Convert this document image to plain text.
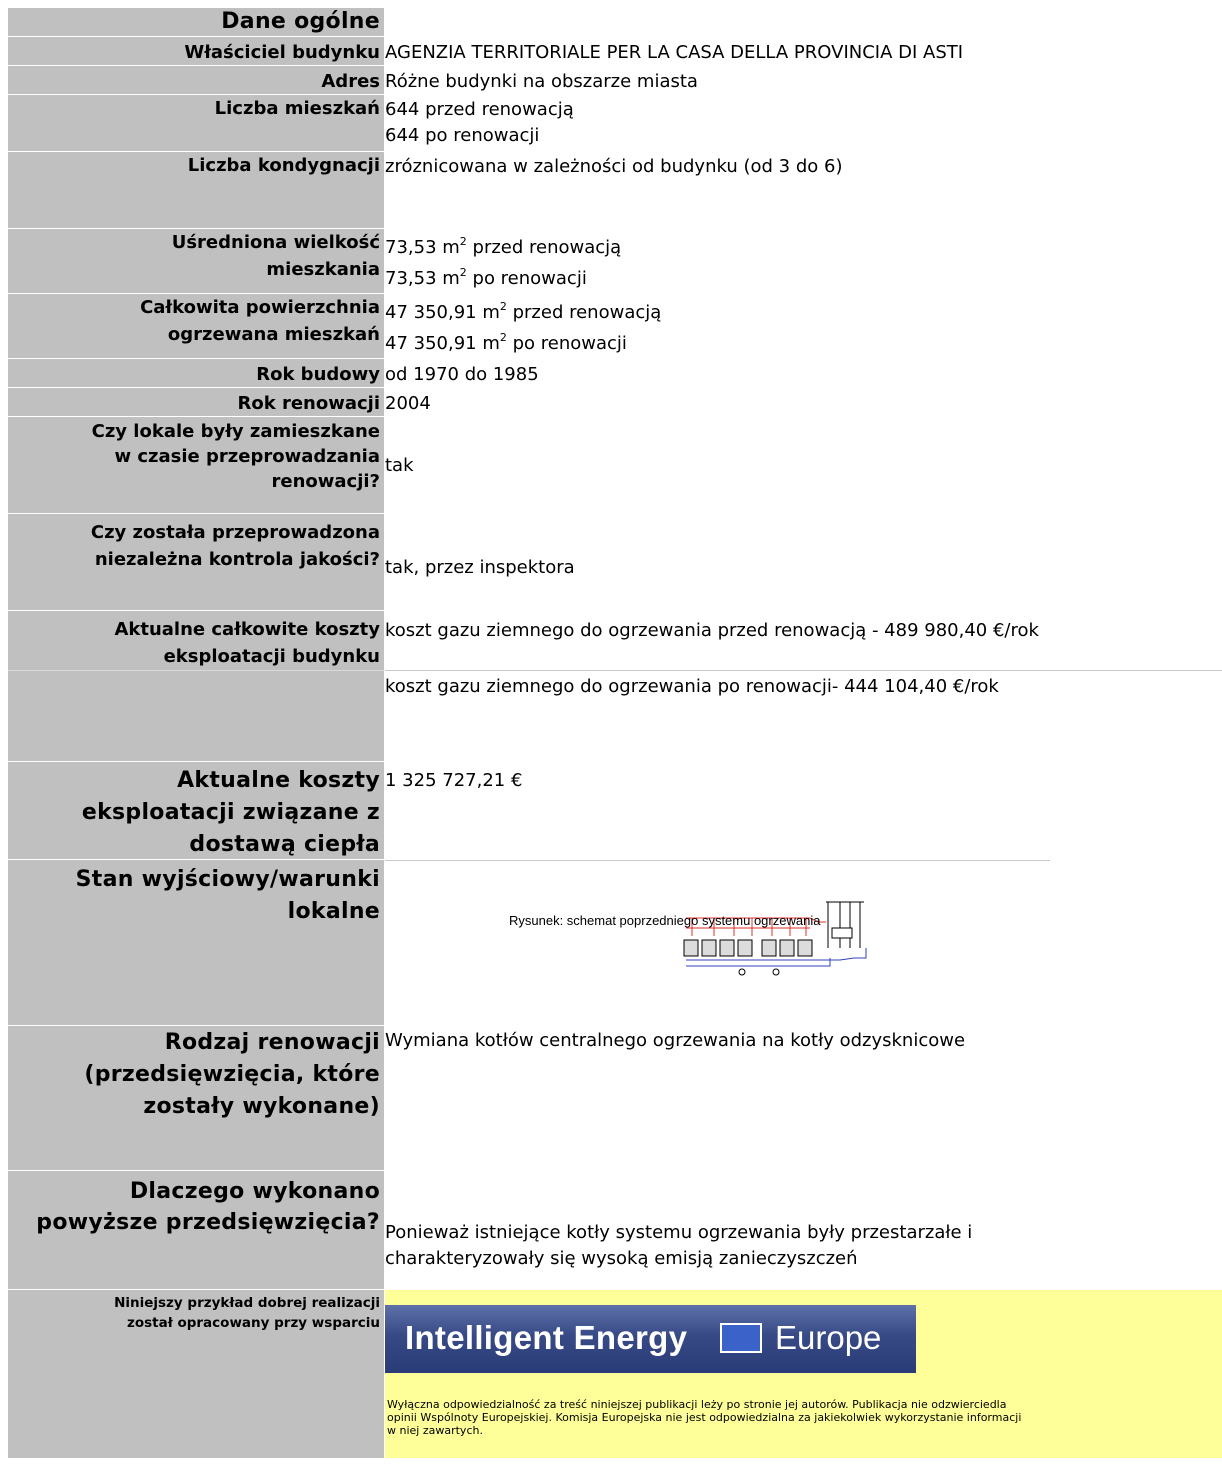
Dane ogólne
Właściciel budynku
Adres
Liczba mieszkań
Liczba kondygnacji
Uśredniona wielkość
mieszkania
Całkowita powierzchnia
ogrzewana mieszkań
Rok budowy
Rok renowacji
Czy lokale były zamieszkane
w czasie przeprowadzania
renowacji?
Czy została przeprowadzona
niezależna kontrola jakości?
Aktualne całkowite koszty
eksploatacji budynku
Aktualne koszty
eksploatacji związane z
dostawą ciepła
Stan wyjściowy/warunki
lokalne
Rodzaj renowacji
(przedsięwzięcia, które
zostały wykonane)
Dlaczego wykonano
powyższe przedsięwzięcia?
Niniejszy przykład dobrej realizacji
został opracowany przy wsparciu
AGENZIA TERRITORIALE PER LA CASA DELLA PROVINCIA DI ASTI
Różne budynki na obszarze miasta
644 przed renowacją
644 po renowacji
zróznicowana w zależności od budynku (od 3 do 6)
73,53 $m^2$ przed renowacją
73,53 $m^2$ po renowacji
47 350,91 $m^2$ przed renowacją
47 350,91 $m^2$ po renowacji
od 1970 do 1985
2004
tak
tak, przez inspektora
koszt gazu ziemnego do ogrzewania przed renowacją - 489 980,40 €/rok
koszt gazu ziemnego do ogrzewania po renowacji- 444 104,40 €/rok
1 325 727,21 €
Rysunek: schemat poprzedniego systemu ogrzewania
Wymiana kotłów centralnego ogrzewania na kotły odzysknicowe
Ponieważ istniejące kotły systemu ogrzewania były przestarzałe i
charakteryzowały się wysoką emisją zanieczyszczeń
Intelligent Energy	Europe
Wyłączna odpowiedzialność za treść niniejszej publikacji leży po stronie jej autorów. Publikacja nie odzwierciedla opinii Wspólnoty Europejskiej. Komisja Europejska nie jest odpowiedzialna za jakiekolwiek wykorzystanie informacji w niej zawartych.
